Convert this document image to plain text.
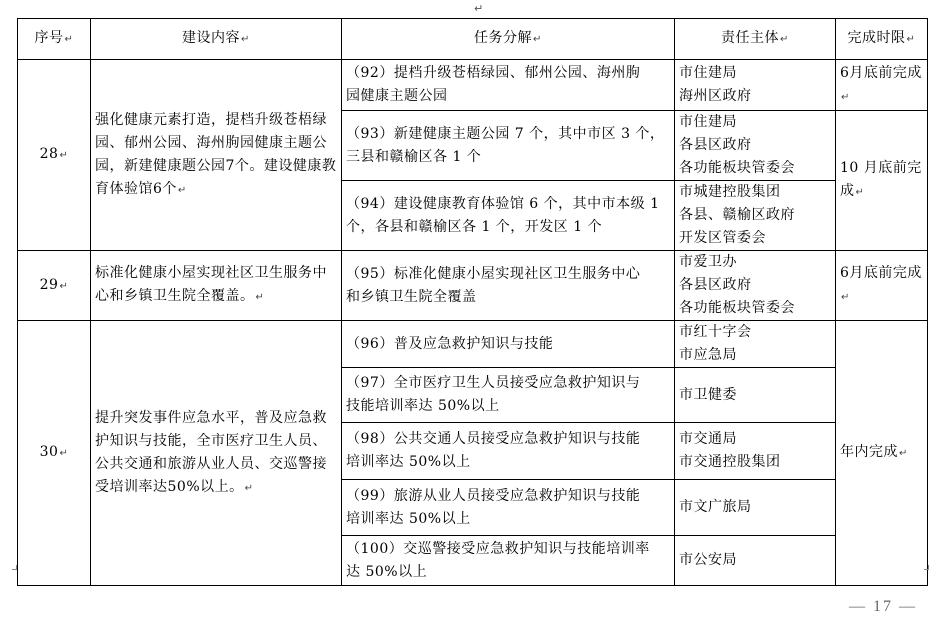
↵
序号↵	建设内容↵	任务分解↵	责任主体↵	完成时限↵
28↵	强化健康元素打造，提档升级苍梧绿园、郁州公园、海州朐园健康主题公园，新建健康题公园7个。建设健康教育体验馆6个↵	（92）提档升级苍梧绿园、郁州公园、海州朐
园健康主题公园	市住建局
海州区政府	6月底前完成↵

		（93）新建健康主题公园 7 个，其中市区 3 个，
三县和赣榆区各 1 个	市住建局
各县区政府
各功能板块管委会	10 月底前完成↵

		（94）建设健康教育体验馆 6 个，其中市本级 1
个，各县和赣榆区各 1 个，开发区 1 个	市城建控股集团
各县、赣榆区政府
开发区管委会	

29↵	标准化健康小屋实现社区卫生服务中心和乡镇卫生院全覆盖。↵	（95）标准化健康小屋实现社区卫生服务中心
和乡镇卫生院全覆盖	市爱卫办
各县区政府
各功能板块管委会	6月底前完成↵
30↵	提升突发事件应急水平，普及应急救护知识与技能，全市医疗卫生人员、公共交通和旅游从业人员、交巡警接受培训率达50%以上。↵	（96）普及应急救护知识与技能	市红十字会
市应急局	年内完成↵

		（97）全市医疗卫生人员接受应急救护知识与
技能培训率达 50%以上	市卫健委	

		（98）公共交通人员接受应急救护知识与技能
培训率达 50%以上	市交通局
市交通控股集团	

		（99）旅游从业人员接受应急救护知识与技能
培训率达 50%以上	市文广旅局	

		（100）交巡警接受应急救护知识与技能培训率
达 50%以上	市公安局	
— 17 —
